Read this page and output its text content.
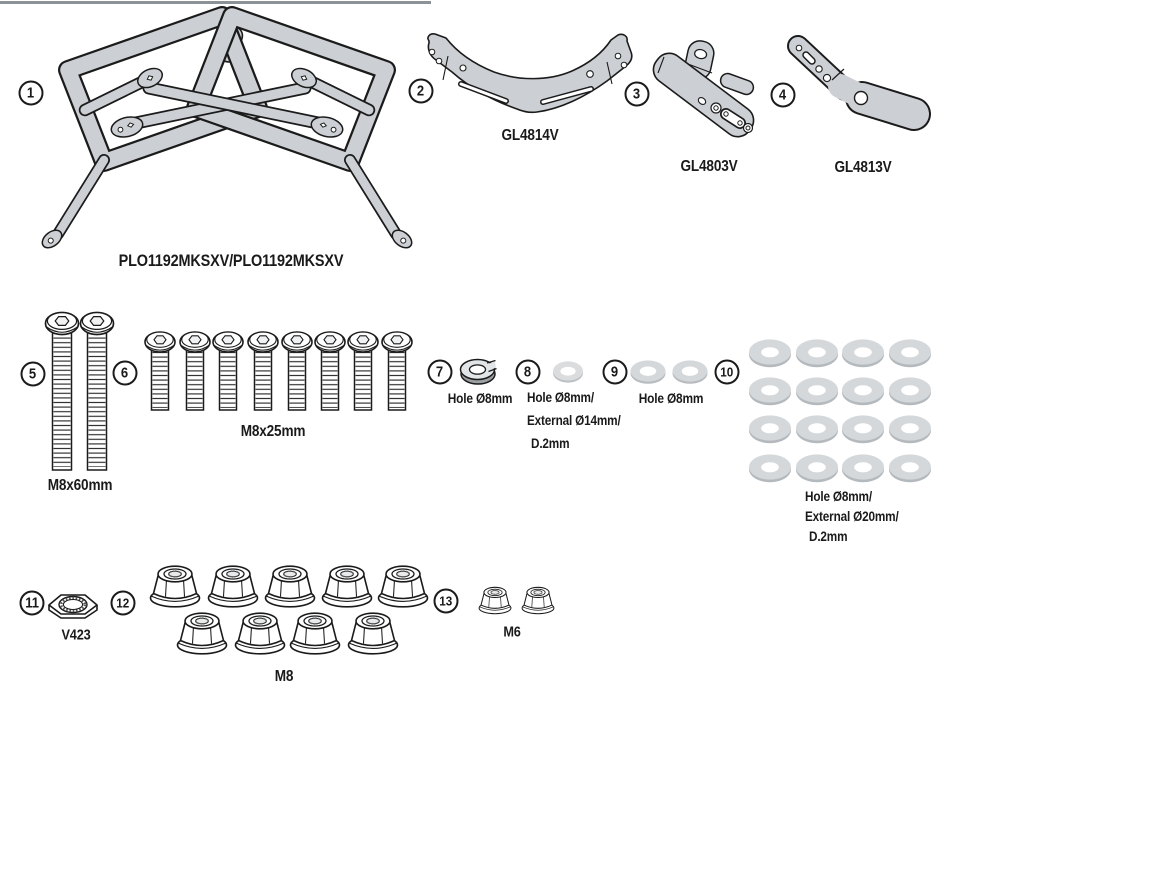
1	2	3	4
5	6	7	8	9	10
11	12	13
PLO1192MKSXV/PLO1192MKSXV
GL4814V
GL4803V	GL4813V
M8x60mm
M8x25mm
Hole Ø8mm	Hole Ø8mm
V423
M8
M6
Hole Ø8mm/
External Ø14mm/
D.2mm
Hole Ø8mm/
External Ø20mm/
D.2mm
